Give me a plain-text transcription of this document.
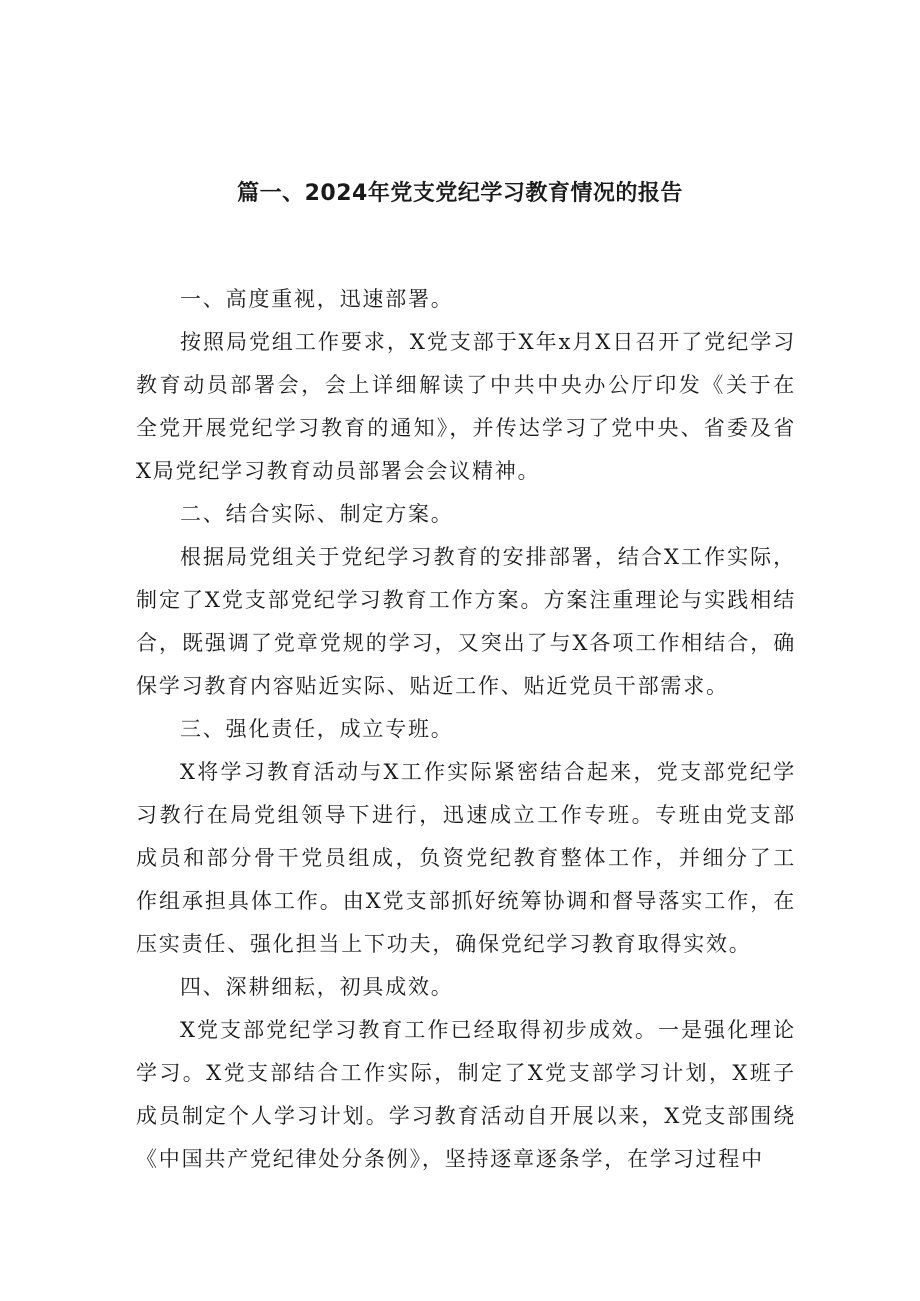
篇一、2024年党支党纪学习教育情况的报告

一、高度重视，迅速部署。

按照局党组工作要求，X党支部于X年x月X日召开了党纪学习教育动员部署会，会上详细解读了中共中央办公厅印发《关于在全党开展党纪学习教育的通知》，并传达学习了党中央、省委及省X局党纪学习教育动员部署会会议精神。

二、结合实际、制定方案。

根据局党组关于党纪学习教育的安排部署，结合X工作实际，制定了X党支部党纪学习教育工作方案。方案注重理论与实践相结合，既强调了党章党规的学习，又突出了与X各项工作相结合，确保学习教育内容贴近实际、贴近工作、贴近党员干部需求。

三、强化责任，成立专班。

X将学习教育活动与X工作实际紧密结合起来，党支部党纪学习教行在局党组领导下进行，迅速成立工作专班。专班由党支部成员和部分骨干党员组成，负资党纪教育整体工作，并细分了工作组承担具体工作。由X党支部抓好统筹协调和督导落实工作，在压实责任、强化担当上下功夫，确保党纪学习教育取得实效。

四、深耕细耘，初具成效。

X党支部党纪学习教育工作已经取得初步成效。一是强化理论学习。X党支部结合工作实际，制定了X党支部学习计划，X班子成员制定个人学习计划。学习教育活动自开展以来，X党支部围绕《中国共产党纪律处分条例》，坚持逐章逐条学，在学习过程中
